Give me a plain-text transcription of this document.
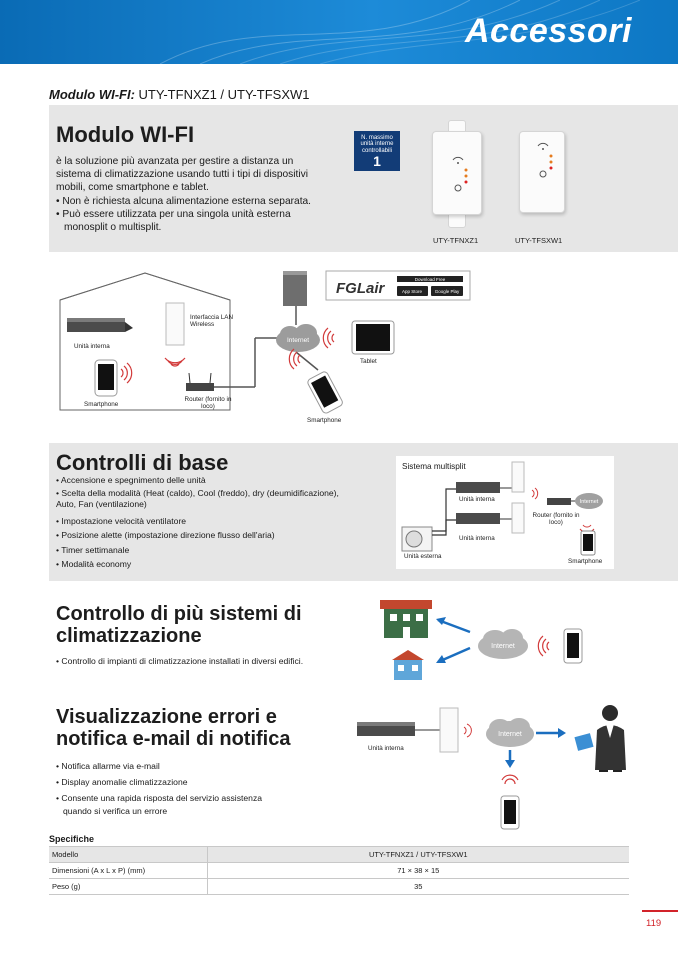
Accessori
Modulo WI-FI: UTY-TFNXZ1 / UTY-TFSXW1
Modulo WI-FI
è la soluzione più avanzata per gestire a distanza un sistema di climatizzazione usando tutti i tipi di dispositivi mobili, come smartphone e tablet.
• Non è richiesta alcuna alimentazione esterna separata.
• Può essere utilizzata per una singola unità esterna monosplit o multisplit.
N. massimo unità interne controllabili
1
UTY-TFNXZ1	UTY-TFSXW1
FGLair
Download Free
App Store	Google Play
Internet
Interfaccia LAN Wireless
Unità interna
Smartphone
Router (fornito in loco)
Tablet
Smartphone
Controlli di base
• Accensione e spegnimento delle unità
• Scelta della modalità (Heat (caldo), Cool (freddo), dry (deumidificazione), Auto, Fan (ventilazione)
• Impostazione velocità ventilatore
• Posizione alette (impostazione direzione flusso dell'aria)
• Timer settimanale
• Modalità economy
Sistema multisplit
Internet
Unità interna
Unità interna
Unità esterna
Router (fornito in loco)
Smartphone
Controllo di più sistemi di climatizzazione
• Controllo di impianti di climatizzazione installati in diversi edifici.
Internet
Visualizzazione errori e notifica e-mail di notifica
• Notifica allarme via e-mail
• Display anomalie climatizzazione
• Consente una rapida risposta del servizio assistenza quando si verifica un errore
Internet
Unità interna
Specifiche
Modello	UTY-TFNXZ1 / UTY-TFSXW1
Dimensioni (A x L x P) (mm)	71 × 38 × 15
Peso (g)	35
119
